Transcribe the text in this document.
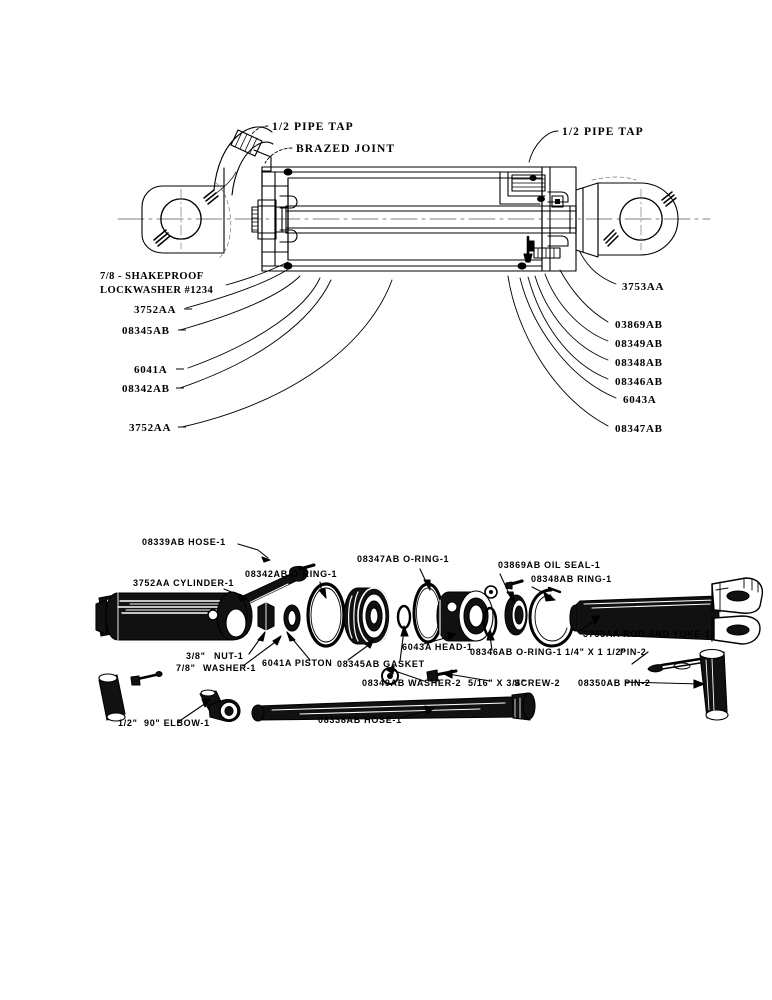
1/2 PIPE TAP
BRAZED JOINT
1/2 PIPE TAP
7/8 - SHAKEPROOF
LOCKWASHER #1234
3752AA
08345AB
6041A
08342AB
3752AA
3753AA
03869AB
08349AB
08348AB
08346AB
6043A
08347AB
08339AB HOSE-1
3752AA CYLINDER-1
08342AB O-RING-1
08347AB O-RING-1
03869AB OIL SEAL-1
08348AB RING-1
3/8" NUT-1
7/8" WASHER-1 6041A PISTON 08345AB GASKET
6043A HEAD-1
08346AB O-RING-1
3753AA ROD AND YOKE-1
1/4" X 1 1/2"
PIN-2
08349AB WASHER-2 5/16" X 3/4"
SCREW-2 08350AB PIN-2
1/2" 90" ELBOW-1	08338AB HOSE-1
